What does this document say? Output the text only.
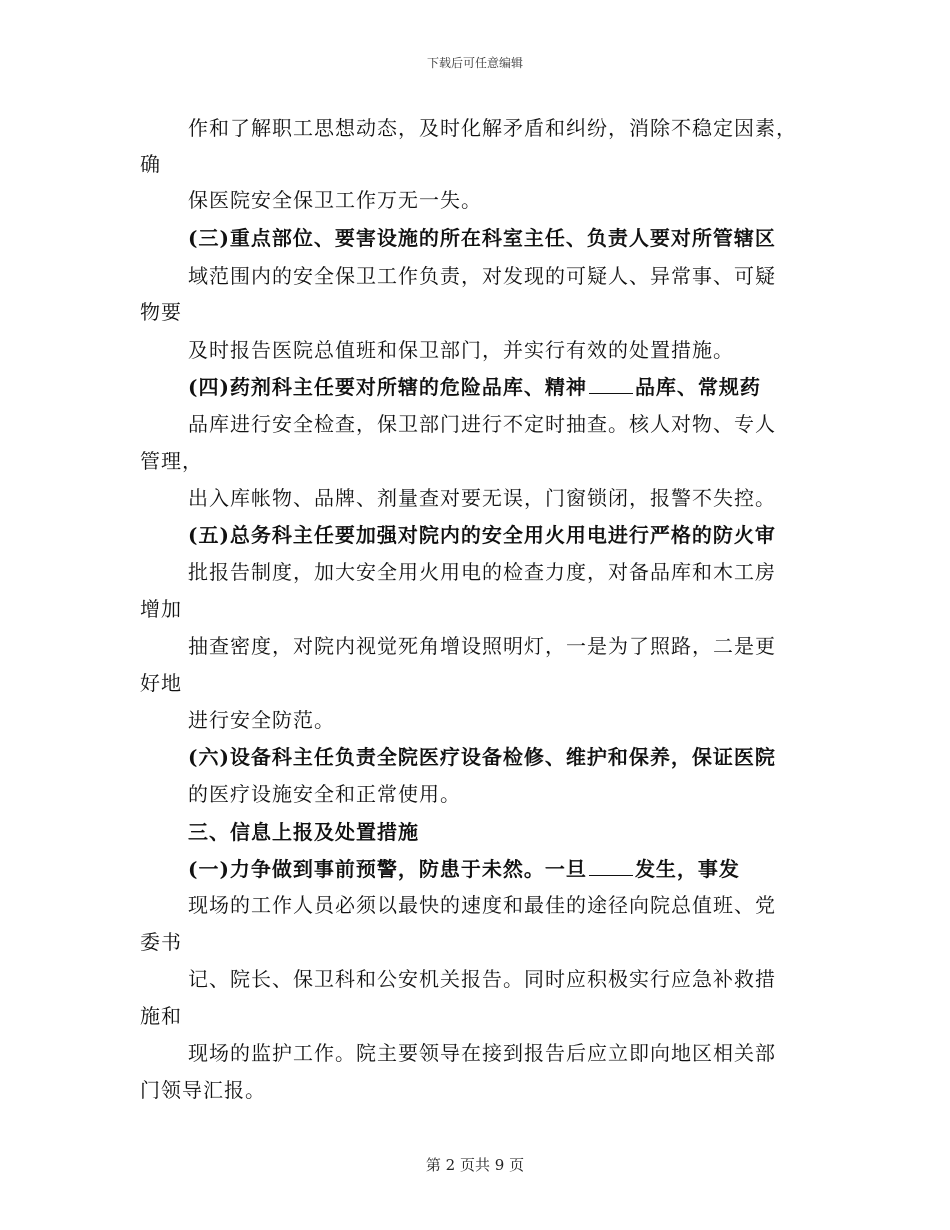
下载后可任意编辑
作和了解职工思想动态，及时化解矛盾和纠纷，消除不稳定因素，
确
保医院安全保卫工作万无一失。
(三)重点部位、要害设施的所在科室主任、负责人要对所管辖区
域范围内的安全保卫工作负责，对发现的可疑人、异常事、可疑
物要
及时报告医院总值班和保卫部门，并实行有效的处置措施。
(四)药剂科主任要对所辖的危险品库、精神 品库、常规药
品库进行安全检查，保卫部门进行不定时抽查。核人对物、专人
管理，
出入库帐物、品牌、剂量查对要无误，门窗锁闭，报警不失控。
(五)总务科主任要加强对院内的安全用火用电进行严格的防火审
批报告制度，加大安全用火用电的检查力度，对备品库和木工房
增加
抽查密度，对院内视觉死角增设照明灯，一是为了照路，二是更
好地
进行安全防范。
(六)设备科主任负责全院医疗设备检修、维护和保养，保证医院
的医疗设施安全和正常使用。
三、信息上报及处置措施
(一)力争做到事前预警，防患于未然。一旦 发生，事发
现场的工作人员必须以最快的速度和最佳的途径向院总值班、党
委书
记、院长、保卫科和公安机关报告。同时应积极实行应急补救措
施和
现场的监护工作。院主要领导在接到报告后应立即向地区相关部
门领导汇报。
第 2 页共 9 页
